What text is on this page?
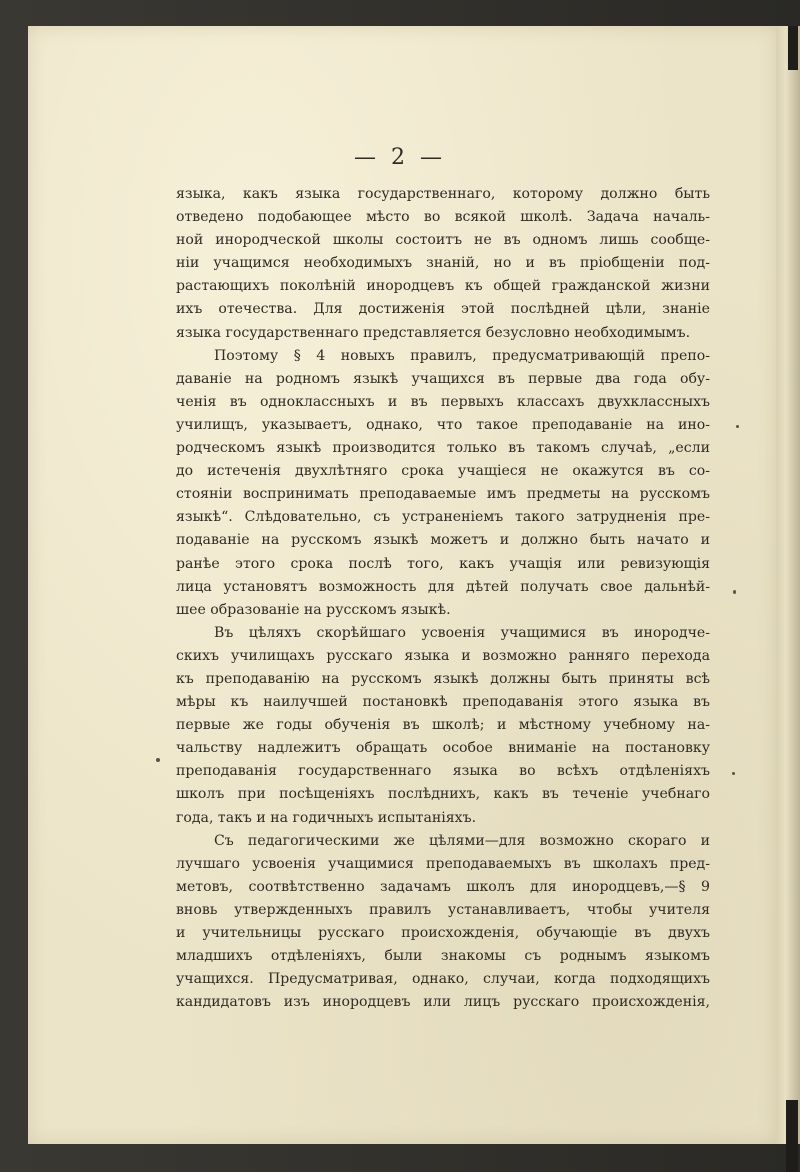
— 2 —
языка, какъ языка государственнаго, которому должно быть
отведено подобающее мѣсто во всякой школѣ. Задача началь-
ной инородческой школы состоитъ не въ одномъ лишь сообще-
нiи учащимся необходимыхъ знанiй, но и въ прiобщенiи под-
растающихъ поколѣнiй инородцевъ къ общей гражданской жизни
ихъ отечества. Для достиженiя этой послѣдней цѣли, знанiе
языка государственнаго представляется безусловно необходимымъ.
Поэтому § 4 новыхъ правилъ, предусматривающiй препо-
даванiе на родномъ языкѣ учащихся въ первые два года обу-
ченiя въ одноклассныхъ и въ первыхъ классахъ двухклассныхъ
училищъ, указываетъ, однако, что такое преподаванiе на ино-
родческомъ языкѣ производится только въ такомъ случаѣ, „если
до истеченiя двухлѣтняго срока учащiеся не окажутся въ со-
стоянiи воспринимать преподаваемые имъ предметы на русскомъ
языкѣ“. Слѣдовательно, съ устраненiемъ такого затрудненiя пре-
подаванiе на русскомъ языкѣ можетъ и должно быть начато и
ранѣе этого срока послѣ того, какъ учащiя или ревизующiя
лица установятъ возможность для дѣтей получать свое дальнѣй-
шее образованiе на русскомъ языкѣ.
Въ цѣляхъ скорѣйшаго усвоенiя учащимися въ инородче-
скихъ училищахъ русскаго языка и возможно ранняго перехода
къ преподаванiю на русскомъ языкѣ должны быть приняты всѣ
мѣры къ наилучшей постановкѣ преподаванiя этого языка въ
первые же годы обученiя въ школѣ; и мѣстному учебному на-
чальству надлежитъ обращать особое вниманiе на постановку
преподаванiя государственнаго языка во всѣхъ отдѣленiяхъ
школъ при посѣщенiяхъ послѣднихъ, какъ въ теченiе учебнаго
года, такъ и на годичныхъ испытанiяхъ.
Съ педагогическими же цѣлями—для возможно скораго и
лучшаго усвоенiя учащимися преподаваемыхъ въ школахъ пред-
метовъ, соотвѣтственно задачамъ школъ для инородцевъ,—§ 9
вновь утвержденныхъ правилъ устанавливаетъ, чтобы учителя
и учительницы русскаго происхожденiя, обучающiе въ двухъ
младшихъ отдѣленiяхъ, были знакомы съ роднымъ языкомъ
учащихся. Предусматривая, однако, случаи, когда подходящихъ
кандидатовъ изъ инородцевъ или лицъ русскаго происхожденiя,
